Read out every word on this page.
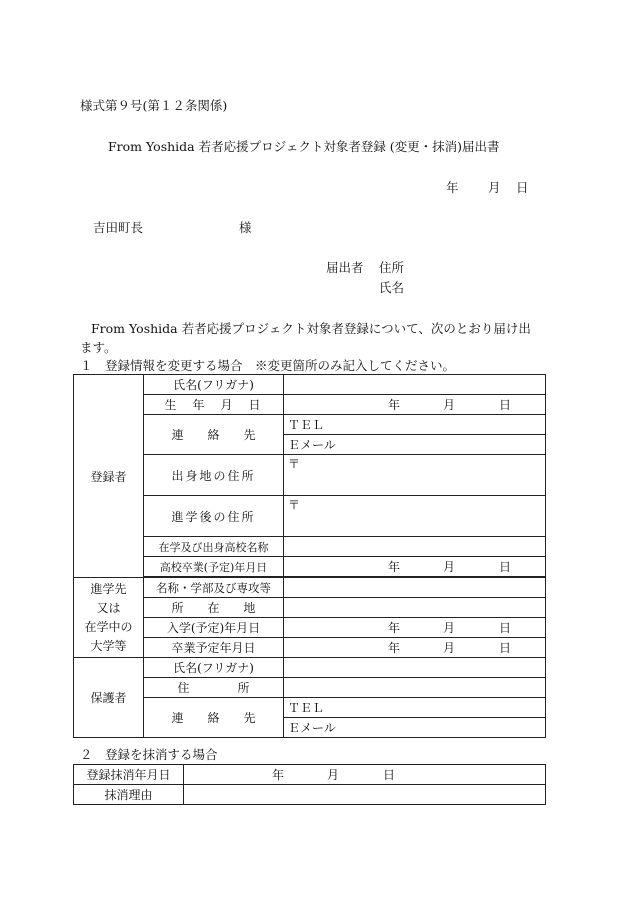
様式第９号(第１２条関係)
From Yoshida 若者応援プロジェクト対象者登録 (変更・抹消)届出書
年 月 日
吉田町長	様
届出者 住所
氏名
From Yoshida 若者応援プロジェクト対象者登録について、次のとおり届け出
ます。
１　登録情報を変更する場合　※変更箇所のみ記入してください。
登録者	氏名(フリガナ)	
	生　年　月　日	年 月 日

	連　　絡　　先	ＴＥＬ
		Ｅメール
	出身地の住所	〒
	進学後の住所	〒
	在学及び出身高校名称	
	高校卒業(予定)年月日	年 月 日

進学先
又は
在学中の
大学等	名称・学部及び専攻等	
	所　　在　　地	
	入学(予定)年月日	年 月 日

	卒業予定年月日	年 月 日

保護者	氏名(フリガナ)	
	住　　　　所	
	連　　絡　　先	ＴＥＬ
		Ｅメール
２　登録を抹消する場合
登録抹消年月日	年 月 日

抹消理由	
